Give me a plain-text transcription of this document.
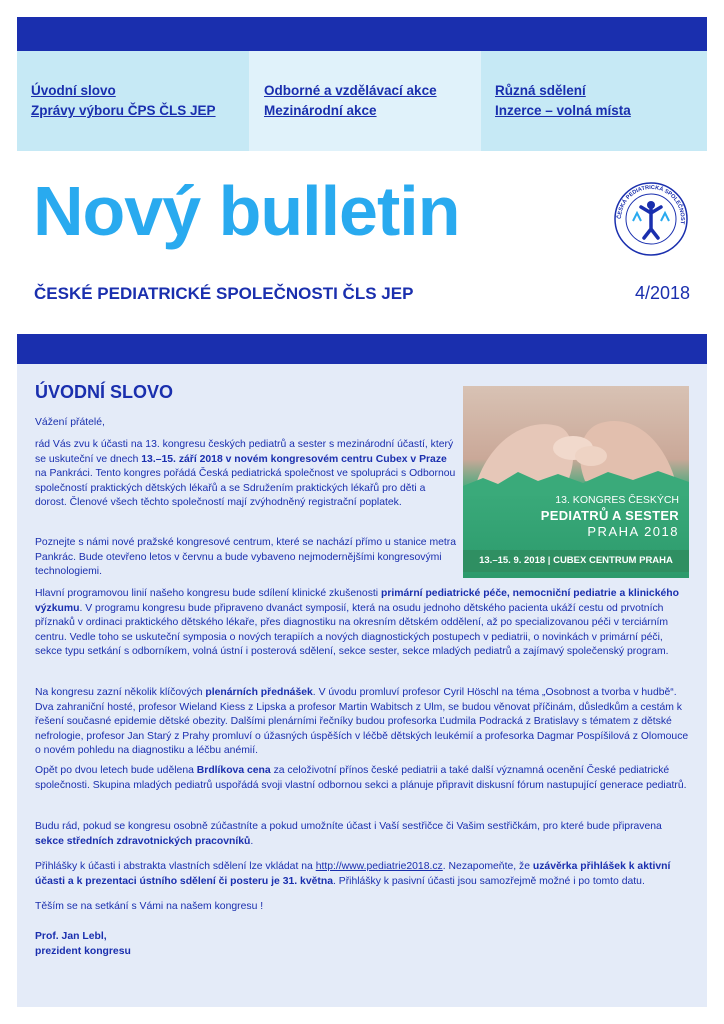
Úvodní slovo
Zprávy výboru ČPS ČLS JEP
Odborné a vzdělávací akce
Mezinárodní akce
Různá sdělení
Inzerce – volná místa
Nový bulletin	ČESKÁ PEDIATRICKÁ SPOLEČNOST
ČESKÉ PEDIATRICKÉ SPOLEČNOSTI ČLS JEP	4/2018
ÚVODNÍ SLOVO
Vážení přátelé,
rád Vás zvu k účasti na 13. kongresu českých pediatrů a sester s mezinárodní účastí, který se uskuteční ve dnech 13.–15. září 2018 v novém kongresovém centru Cubex v Praze na Pankráci. Tento kongres pořádá Česká pediatrická společnost ve spolupráci s Odbornou společností praktických dětských lékařů a se Sdružením praktických lékařů pro děti a dorost. Členové všech těchto společností mají zvýhodněný registrační poplatek.
Poznejte s námi nové pražské kongresové centrum, které se nachází přímo u stanice metra Pankrác. Bude otevřeno letos v červnu a bude vybaveno nejmodernějšími kongresovými technologiemi.
13. KONGRES ČESKÝCH
PEDIATRŮ A SESTER
PRAHA 2018
13.–15. 9. 2018 | CUBEX CENTRUM PRAHA
Hlavní programovou linií našeho kongresu bude sdílení klinické zkušenosti primární pediatrické péče, nemocniční pediatrie a klinického výzkumu. V programu kongresu bude připraveno dvanáct symposií, která na osudu jednoho dětského pacienta ukáží cestu od prvotních příznaků v ordinaci praktického dětského lékaře, přes diagnostiku na okresním dětském oddělení, až po specializovanou péči v terciárním centru. Vedle toho se uskuteční symposia o nových terapiích a nových diagnostických postupech v pediatrii, o novinkách v primární péči, sekce typu setkání s odborníkem, volná ústní i posterová sdělení, sekce sester, sekce mladých pediatrů a zajímavý společenský program.
Na kongresu zazní několik klíčových plenárních přednášek. V úvodu promluví profesor Cyril Höschl na téma „Osobnost a tvorba v hudbě“. Dva zahraniční hosté, profesor Wieland Kiess z Lipska a profesor Martin Wabitsch z Ulm, se budou věnovat příčinám, důsledkům a cestám k řešení současné epidemie dětské obezity. Dalšími plenárními řečníky budou profesorka Ľudmila Podracká z Bratislavy s tématem z dětské nefrologie, profesor Jan Starý z Prahy promluví o úžasných úspěších v léčbě dětských leukémií a profesorka Dagmar Pospíšilová z Olomouce o novém pohledu na diagnostiku a léčbu anémií.
Opět po dvou letech bude udělena Brdlíkova cena za celoživotní přínos české pediatrii a také další významná ocenění České pediatrické společnosti. Skupina mladých pediatrů uspořádá svoji vlastní odbornou sekci a plánuje připravit diskusní fórum nastupující generace pediatrů.
Budu rád, pokud se kongresu osobně zúčastníte a pokud umožníte účast i Vaší sestřičce či Vašim sestřičkám, pro které bude připravena sekce středních zdravotnických pracovníků.
Přihlášky k účasti i abstrakta vlastních sdělení lze vkládat na http://www.pediatrie2018.cz. Nezapomeňte, že uzávěrka přihlášek k aktivní účasti a k prezentaci ústního sdělení či posteru je 31. května. Přihlášky k pasivní účasti jsou samozřejmě možné i po tomto datu.
Těším se na setkání s Vámi na našem kongresu !
Prof. Jan Lebl,
prezident kongresu
